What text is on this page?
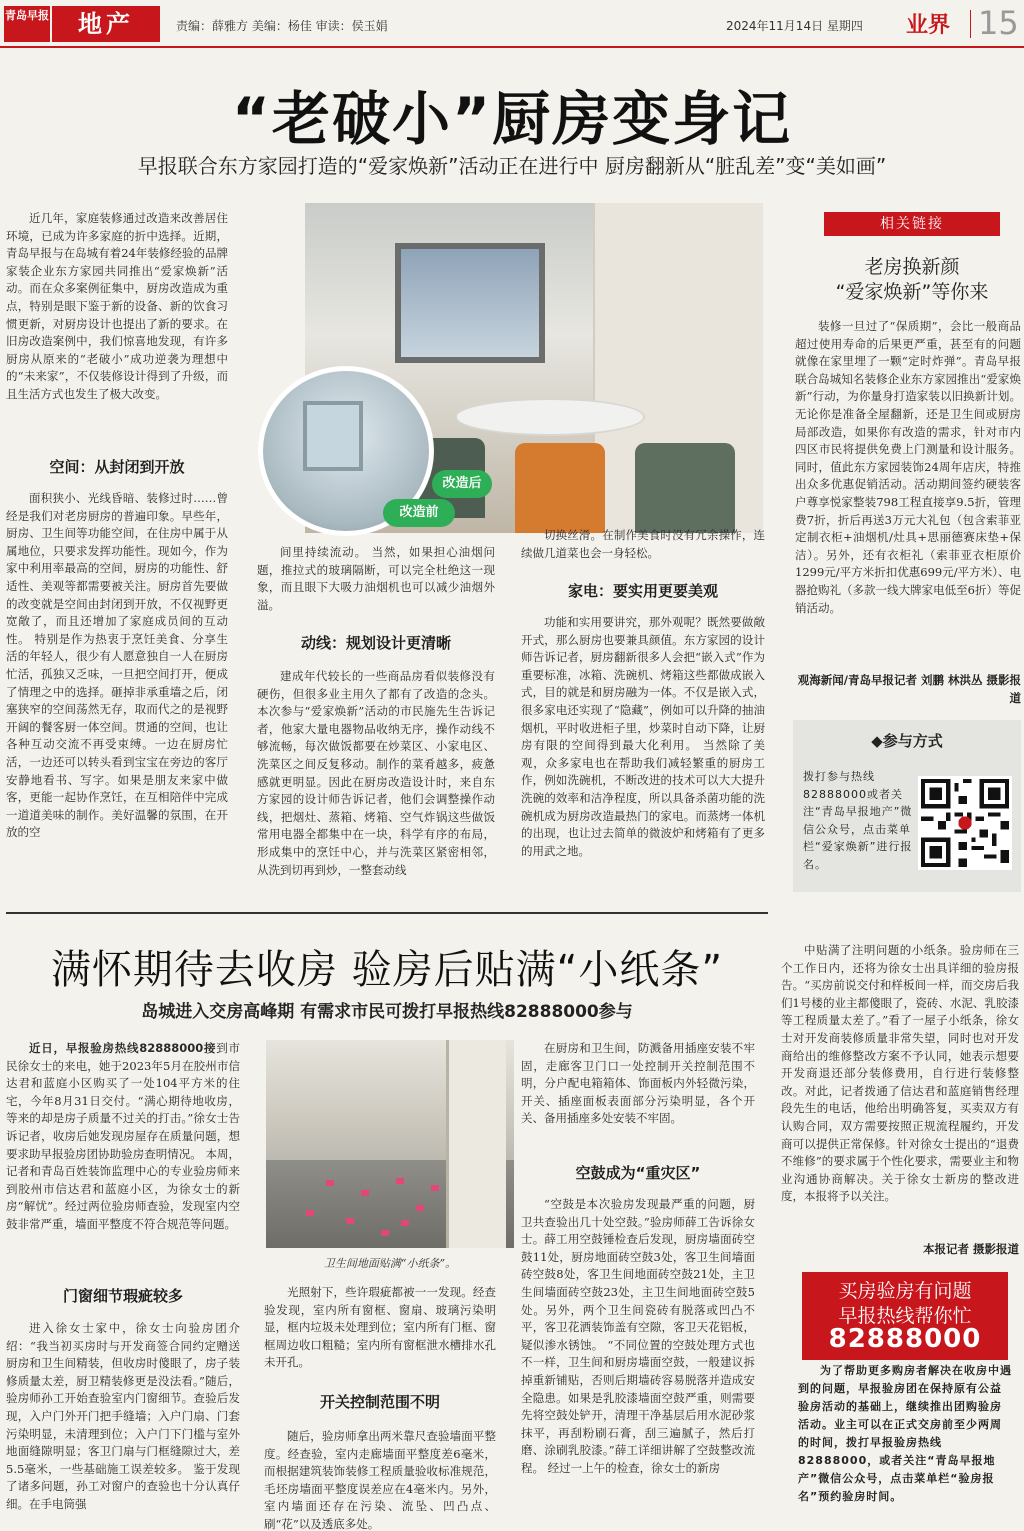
青岛早报	地产	责编：薛雅方 美编：杨佳 审读：侯玉娟	2024年11月14日 星期四 业界 15
“老破小”厨房变身记
早报联合东方家园打造的“爱家焕新”活动正在进行中 厨房翻新从“脏乱差”变“美如画”
近几年，家庭装修通过改造来改善居住环境，已成为许多家庭的折中选择。近期，青岛早报与在岛城有着24年装修经验的品牌家装企业东方家园共同推出“爱家焕新”活动。而在众多案例征集中，厨房改造成为重点，特别是眼下鉴于新的设备、新的饮食习惯更新，对厨房设计也提出了新的要求。在旧房改造案例中，我们惊喜地发现，有许多厨房从原来的“老破小”成功逆袭为理想中的“未来家”，不仅装修设计得到了升级，而且生活方式也发生了极大改变。
空间：从封闭到开放
面积狭小、光线昏暗、装修过时……曾经是我们对老房厨房的普遍印象。早些年，厨房、卫生间等功能空间，在住房中属于从属地位，只要求发挥功能性。现如今，作为家中利用率最高的空间，厨房的功能性、舒适性、美观等都需要被关注。厨房首先要做的改变就是空间由封闭到开放，不仅视野更宽敞了，而且还增加了家庭成员间的互动性。 特别是作为热衷于烹饪美食、分享生活的年轻人，很少有人愿意独自一人在厨房忙活，孤独又乏味，一旦把空间打开，便成了情理之中的选择。砸掉非承重墙之后，闭塞狭窄的空间荡然无存，取而代之的是视野开阔的餐客厨一体空间。贯通的空间，也让各种互动交流不再受束缚。一边在厨房忙活，一边还可以转头看到宝宝在旁边的客厅安静地看书、写字。如果是朋友来家中做客，更能一起协作烹饪，在互相陪伴中完成一道道美味的制作。美好温馨的氛围，在开放的空
改造后
改造前
间里持续流动。 当然，如果担心油烟问题，推拉式的玻璃隔断，可以完全杜绝这一现象，而且眼下大吸力油烟机也可以减少油烟外溢。
动线：规划设计更清晰
建成年代较长的一些商品房看似装修没有硬伤，但很多业主用久了都有了改造的念头。本次参与“爱家焕新”活动的市民施先生告诉记者，他家大量电器物品收纳无序，操作动线不够流畅，每次做饭都要在炒菜区、小家电区、洗菜区之间反复移动。制作的菜肴越多，疲惫感就更明显。因此在厨房改造设计时，来自东方家园的设计师告诉记者，他们会调整操作动线，把烟灶、蒸箱、烤箱、空气炸锅这些做饭常用电器全都集中在一块，科学有序的布局，形成集中的烹饪中心，并与洗菜区紧密相邻，从洗到切再到炒，一整套动线
切换丝滑。在制作美食时没有冗余操作，连续做几道菜也会一身轻松。
家电：要实用更要美观
功能和实用要讲究，那外观呢？既然要做敞开式，那么厨房也要兼具颜值。东方家园的设计师告诉记者，厨房翻新很多人会把“嵌入式”作为重要标准，冰箱、洗碗机、烤箱这些都做成嵌入式，目的就是和厨房融为一体。不仅是嵌入式，很多家电还实现了“隐藏”，例如可以升降的抽油烟机，平时收进柜子里，炒菜时自动下降，让厨房有限的空间得到最大化利用。 当然除了美观，众多家电也在帮助我们减轻繁重的厨房工作，例如洗碗机，不断改进的技术可以大大提升洗碗的效率和洁净程度，所以具备杀菌功能的洗碗机成为厨房改造最热门的家电。而蒸烤一体机的出现，也让过去简单的微波炉和烤箱有了更多的用武之地。
相关链接
老房换新颜
“爱家焕新”等你来
装修一旦过了“保质期”，会比一般商品超过使用寿命的后果更严重，甚至有的问题就像在家里埋了一颗“定时炸弹”。青岛早报联合岛城知名装修企业东方家园推出“爱家焕新”行动，为你量身打造家装以旧换新计划。无论你是准备全屋翻新，还是卫生间或厨房局部改造，如果你有改造的需求，针对市内四区市民将提供免费上门测量和设计服务。 同时，值此东方家园装饰24周年店庆，特推出众多优惠促销活动。活动期间签约硬装客户尊享悦家整装798工程直接享9.5折，管理费7折，折后再送3万元大礼包（包含索菲亚定制衣柜+油烟机/灶具+思丽德赛床垫+保洁）。另外，还有衣柜礼（索菲亚衣柜原价1299元/平方米折扣优惠699元/平方米）、电器抢购礼（多款一线大牌家电低至6折）等促销活动。
观海新闻/青岛早报记者 刘鹏 林洪丛 摄影报道
◆参与方式
拨打参与热线82888000或者关注“青岛早报地产”微信公众号，点击菜单栏“爱家焕新”进行报名。
满怀期待去收房 验房后贴满“小纸条”
岛城进入交房高峰期 有需求市民可拨打早报热线82888000参与
近日，早报验房热线82888000接到市民徐女士的来电，她于2023年5月在胶州市信达君和蓝庭小区购买了一处104平方米的住宅，今年8月31日交付。“满心期待地收房，等来的却是房子质量不过关的打击。”徐女士告诉记者，收房后她发现房屋存在质量问题，想要求助早报验房团协助验房查明情况。 本周，记者和青岛百姓装饰监理中心的专业验房师来到胶州市信达君和蓝庭小区，为徐女士的新房“解忧”。经过两位验房师查验，发现室内空鼓非常严重，墙面平整度不符合规范等问题。
门窗细节瑕疵较多
进入徐女士家中，徐女士向验房团介绍：“我当初买房时与开发商签合同约定赠送厨房和卫生间精装，但收房时傻眼了，房子装修质量太差，厨卫精装修更是没法看。”随后，验房师孙工开始查验室内门窗细节。查验后发现，入户门外开门把手缝墙；入户门扇、门套污染明显，未清理到位；入户门下门槛与室外地面缝隙明显；客卫门扇与门框缝隙过大，差5.5毫米，一些基础施工误差较多。 鉴于发现了诸多问题，孙工对窗户的查验也十分认真仔细。在手电筒强
卫生间地面贴满“小纸条”。
光照射下，些许瑕疵都被一一发现。经查验发现，室内所有窗框、窗扇、玻璃污染明显，框内垃圾未处理到位；室内所有门框、窗框周边收口粗糙；室内所有窗框泄水槽排水孔未开孔。
开关控制范围不明
随后，验房师拿出两米靠尺查验墙面平整度。经查验，室内走廊墙面平整度差6毫米，而根据建筑装饰装修工程质量验收标准规范，毛坯房墙面平整度误差应在4毫米内。另外，室内墙面还存在污染、流坠、凹凸点、刷“花”以及透底多处。
在厨房和卫生间，防溅备用插座安装不牢固，走廊客卫门口一处控制开关控制范围不明，分户配电箱箱体、饰面板内外轻微污染，开关、插座面板表面部分污染明显，各个开关、备用插座多处安装不牢固。
空鼓成为“重灾区”
“空鼓是本次验房发现最严重的问题，厨卫共查验出几十处空鼓。”验房师薛工告诉徐女士。薛工用空鼓锤检查后发现，厨房墙面砖空鼓11处，厨房地面砖空鼓3处，客卫生间墙面砖空鼓8处，客卫生间地面砖空鼓21处，主卫生间墙面砖空鼓23处，主卫生间地面砖空鼓5处。另外，两个卫生间瓷砖有脱落或凹凸不平，客卫花洒装饰盖有空隙，客卫天花铝板，疑似渗水锈蚀。 “不同位置的空鼓处理方式也不一样，卫生间和厨房墙面空鼓，一般建议拆掉重新铺贴，否则后期墙砖容易脱落并造成安全隐患。如果是乳胶漆墙面空鼓严重，则需要先将空鼓处铲开，清理干净基层后用水泥砂浆抹平，再刮粉刷石膏，刮三遍腻子，然后打磨、涂刷乳胶漆。”薛工详细讲解了空鼓整改流程。 经过一上午的检查，徐女士的新房
中贴满了注明问题的小纸条。验房师在三个工作日内，还将为徐女士出具详细的验房报告。“买房前说交付和样板间一样，而交房后我们1号楼的业主都傻眼了，瓷砖、水泥、乳胶漆等工程质量太差了。”看了一屋子小纸条，徐女士对开发商装修质量非常失望，同时也对开发商给出的维修整改方案不予认同，她表示想要开发商退还部分装修费用，自行进行装修整改。对此，记者拨通了信达君和蓝庭销售经理段先生的电话，他给出明确答复，买卖双方有认购合同，双方需要按照正规流程履约，开发商可以提供正常保修。针对徐女士提出的“退费不维修”的要求属于个性化要求，需要业主和物业沟通协商解决。关于徐女士新房的整改进度，本报将予以关注。
本报记者 摄影报道
买房验房有问题
早报热线帮你忙
82888000
为了帮助更多购房者解决在收房中遇到的问题，早报验房团在保持原有公益验房活动的基础上，继续推出团购验房活动。业主可以在正式交房前至少两周的时间，拨打早报验房热线82888000，或者关注“青岛早报地产”微信公众号，点击菜单栏“验房报名”预约验房时间。
